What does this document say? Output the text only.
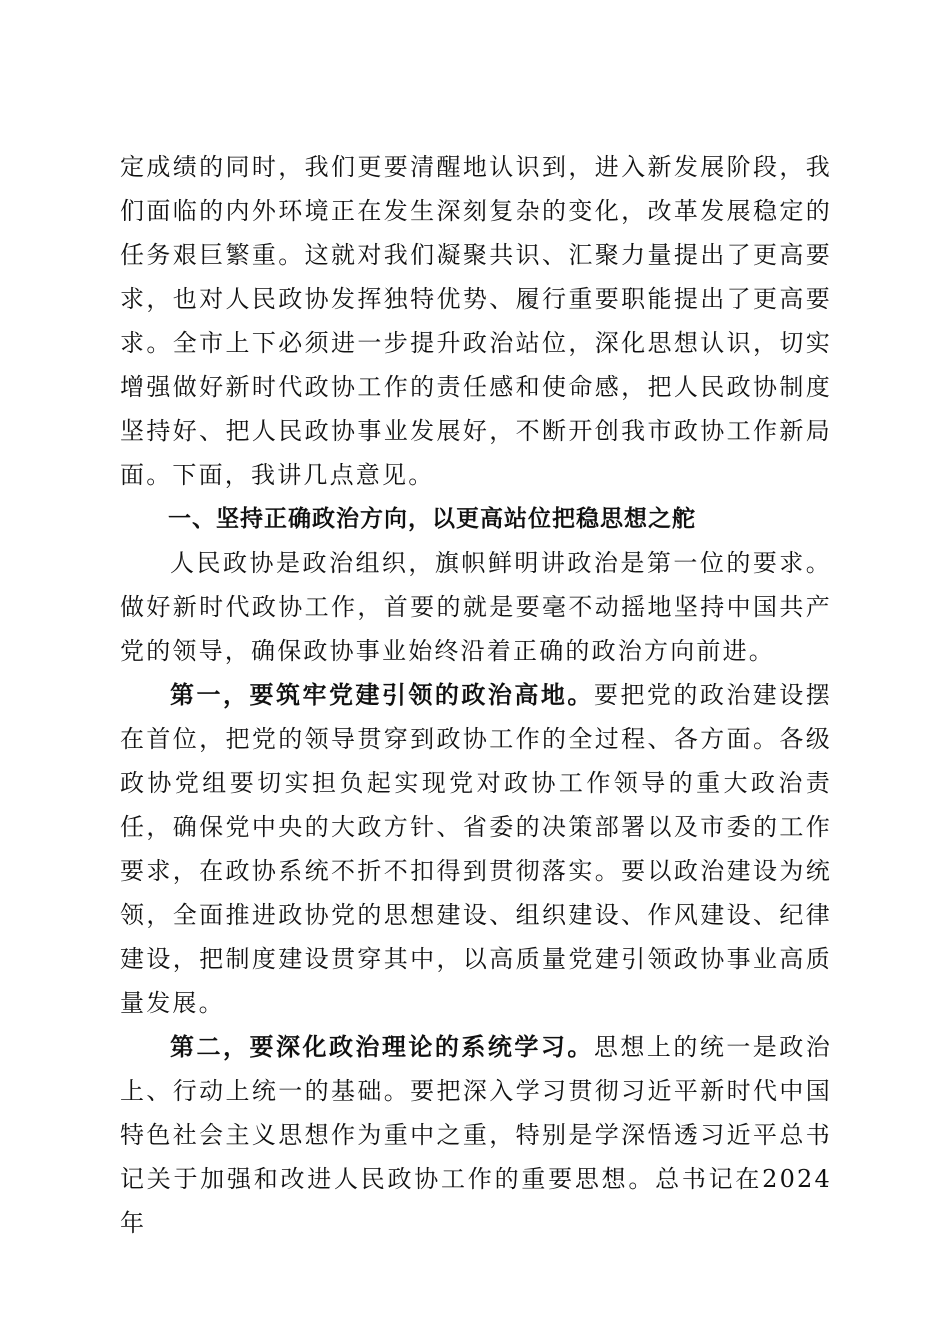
定成绩的同时，我们更要清醒地认识到，进入新发展阶段，我们面临的内外环境正在发生深刻复杂的变化，改革发展稳定的任务艰巨繁重。这就对我们凝聚共识、汇聚力量提出了更高要求，也对人民政协发挥独特优势、履行重要职能提出了更高要求。全市上下必须进一步提升政治站位，深化思想认识，切实增强做好新时代政协工作的责任感和使命感，把人民政协制度坚持好、把人民政协事业发展好，不断开创我市政协工作新局面。下面，我讲几点意见。

一、坚持正确政治方向，以更高站位把稳思想之舵

人民政协是政治组织，旗帜鲜明讲政治是第一位的要求。做好新时代政协工作，首要的就是要毫不动摇地坚持中国共产党的领导，确保政协事业始终沿着正确的政治方向前进。

第一，要筑牢党建引领的政治高地。要把党的政治建设摆在首位，把党的领导贯穿到政协工作的全过程、各方面。各级政协党组要切实担负起实现党对政协工作领导的重大政治责任，确保党中央的大政方针、省委的决策部署以及市委的工作要求，在政协系统不折不扣得到贯彻落实。要以政治建设为统领，全面推进政协党的思想建设、组织建设、作风建设、纪律建设，把制度建设贯穿其中，以高质量党建引领政协事业高质量发展。

第二，要深化政治理论的系统学习。思想上的统一是政治上、行动上统一的基础。要把深入学习贯彻习近平新时代中国特色社会主义思想作为重中之重，特别是学深悟透习近平总书记关于加强和改进人民政协工作的重要思想。总书记在2024年
